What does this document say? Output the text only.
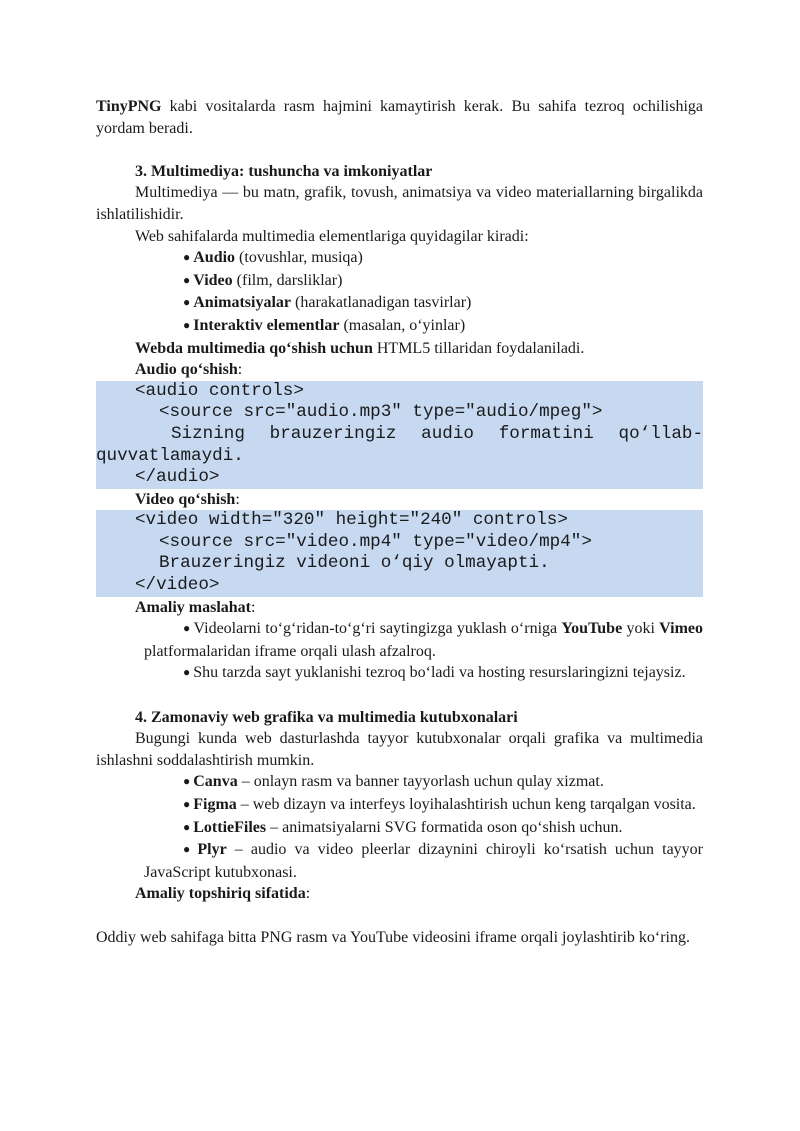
TinyPNG kabi vositalarda rasm hajmini kamaytirish kerak. Bu sahifa tezroq ochilishiga yordam beradi.

3. Multimediya: tushuncha va imkoniyatlar

Multimediya — bu matn, grafik, tovush, animatsiya va video materiallarning birgalikda ishlatilishidir.

Web sahifalarda multimedia elementlariga quyidagilar kiradi:

● Audio (tovushlar, musiqa)

● Video (film, darsliklar)

● Animatsiyalar (harakatlanadigan tasvirlar)

● Interaktiv elementlar (masalan, o‘yinlar)

Webda multimedia qo‘shish uchun HTML5 tillaridan foydalaniladi.

Audio qo‘shish:

<audio controls>
<source src="audio.mp3" type="audio/mpeg">
Sizning brauzeringiz audio formatini qo‘llab-quvvatlamaydi.
</audio>

Video qo‘shish:

<video width="320" height="240" controls>
<source src="video.mp4" type="video/mp4">
Brauzeringiz videoni o‘qiy olmayapti.
</video>

Amaliy maslahat:

● Videolarni to‘g‘ridan-to‘g‘ri saytingizga yuklash o‘rniga YouTube yoki Vimeo platformalaridan iframe orqali ulash afzalroq.

● Shu tarzda sayt yuklanishi tezroq bo‘ladi va hosting resurslaringizni tejaysiz.

4. Zamonaviy web grafika va multimedia kutubxonalari

Bugungi kunda web dasturlashda tayyor kutubxonalar orqali grafika va multimedia ishlashni soddalashtirish mumkin.

● Canva – onlayn rasm va banner tayyorlash uchun qulay xizmat.

● Figma – web dizayn va interfeys loyihalashtirish uchun keng tarqalgan vosita.

● LottieFiles – animatsiyalarni SVG formatida oson qo‘shish uchun.

● Plyr – audio va video pleerlar dizaynini chiroyli ko‘rsatish uchun tayyor JavaScript kutubxonasi.

Amaliy topshiriq sifatida:

Oddiy web sahifaga bitta PNG rasm va YouTube videosini iframe orqali joylashtirib ko‘ring.
